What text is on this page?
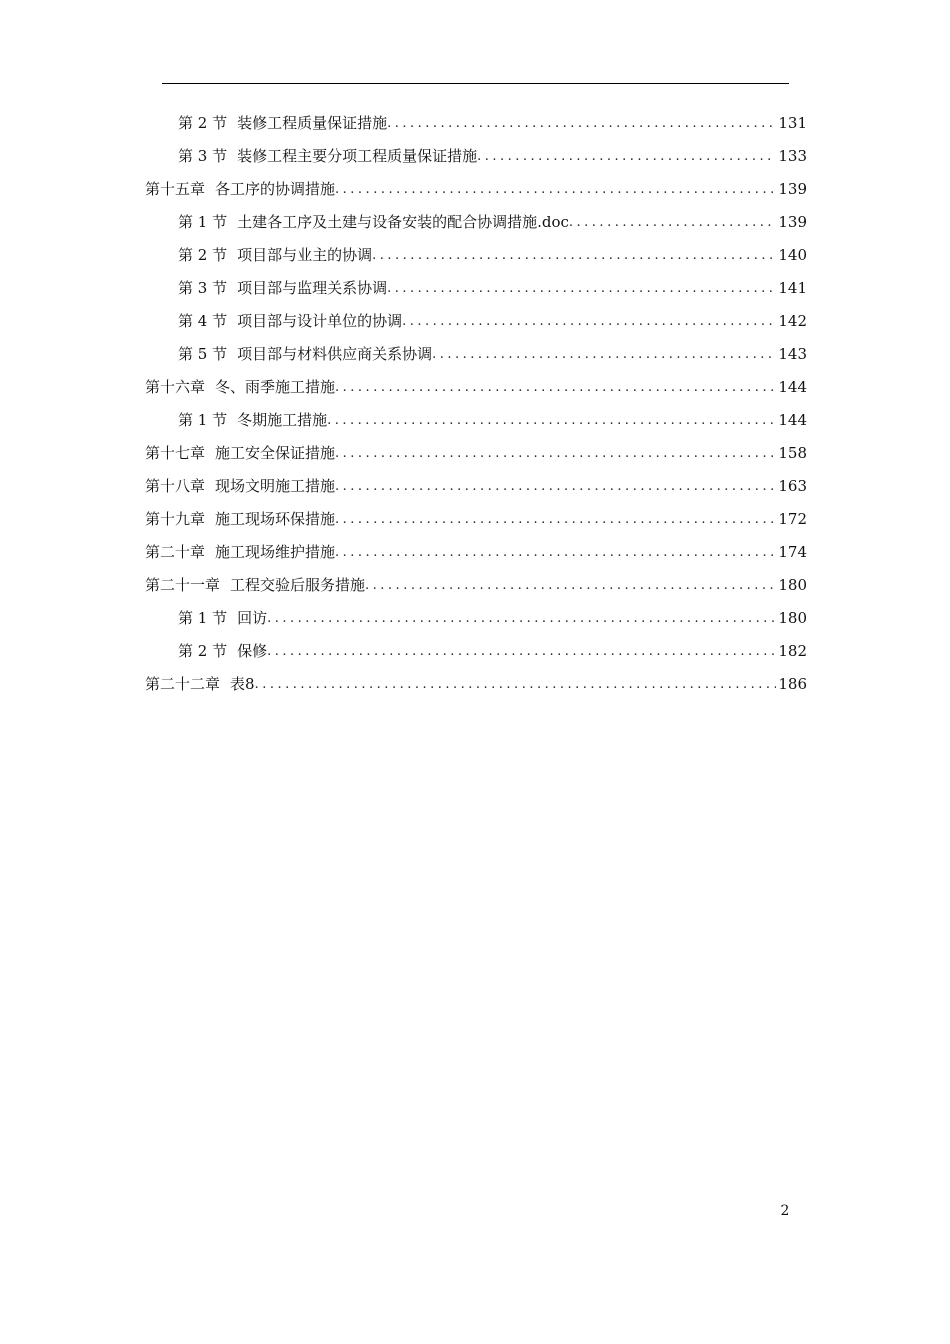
第 2 节 装修工程质量保证措施 .....	131
第 3 节 装修工程主要分项工程质量保证措施 .....	133
第十五章 各工序的协调措施 .....	139
第 1 节 土建各工序及土建与设备安装的配合协调措施.doc .....	139
第 2 节 项目部与业主的协调 .....	140
第 3 节 项目部与监理关系协调 .....	141
第 4 节 项目部与设计单位的协调 .....	142
第 5 节 项目部与材料供应商关系协调 .....	143
第十六章 冬、雨季施工措施 .....	144
第 1 节 冬期施工措施 .....	144
第十七章 施工安全保证措施 .....	158
第十八章 现场文明施工措施 .....	163
第十九章 施工现场环保措施 .....	172
第二十章 施工现场维护措施 .....	174
第二十一章 工程交验后服务措施 .....	180
第 1 节 回访 .....	180
第 2 节 保修 .....	182
第二十二章 表8 .....	186
2
